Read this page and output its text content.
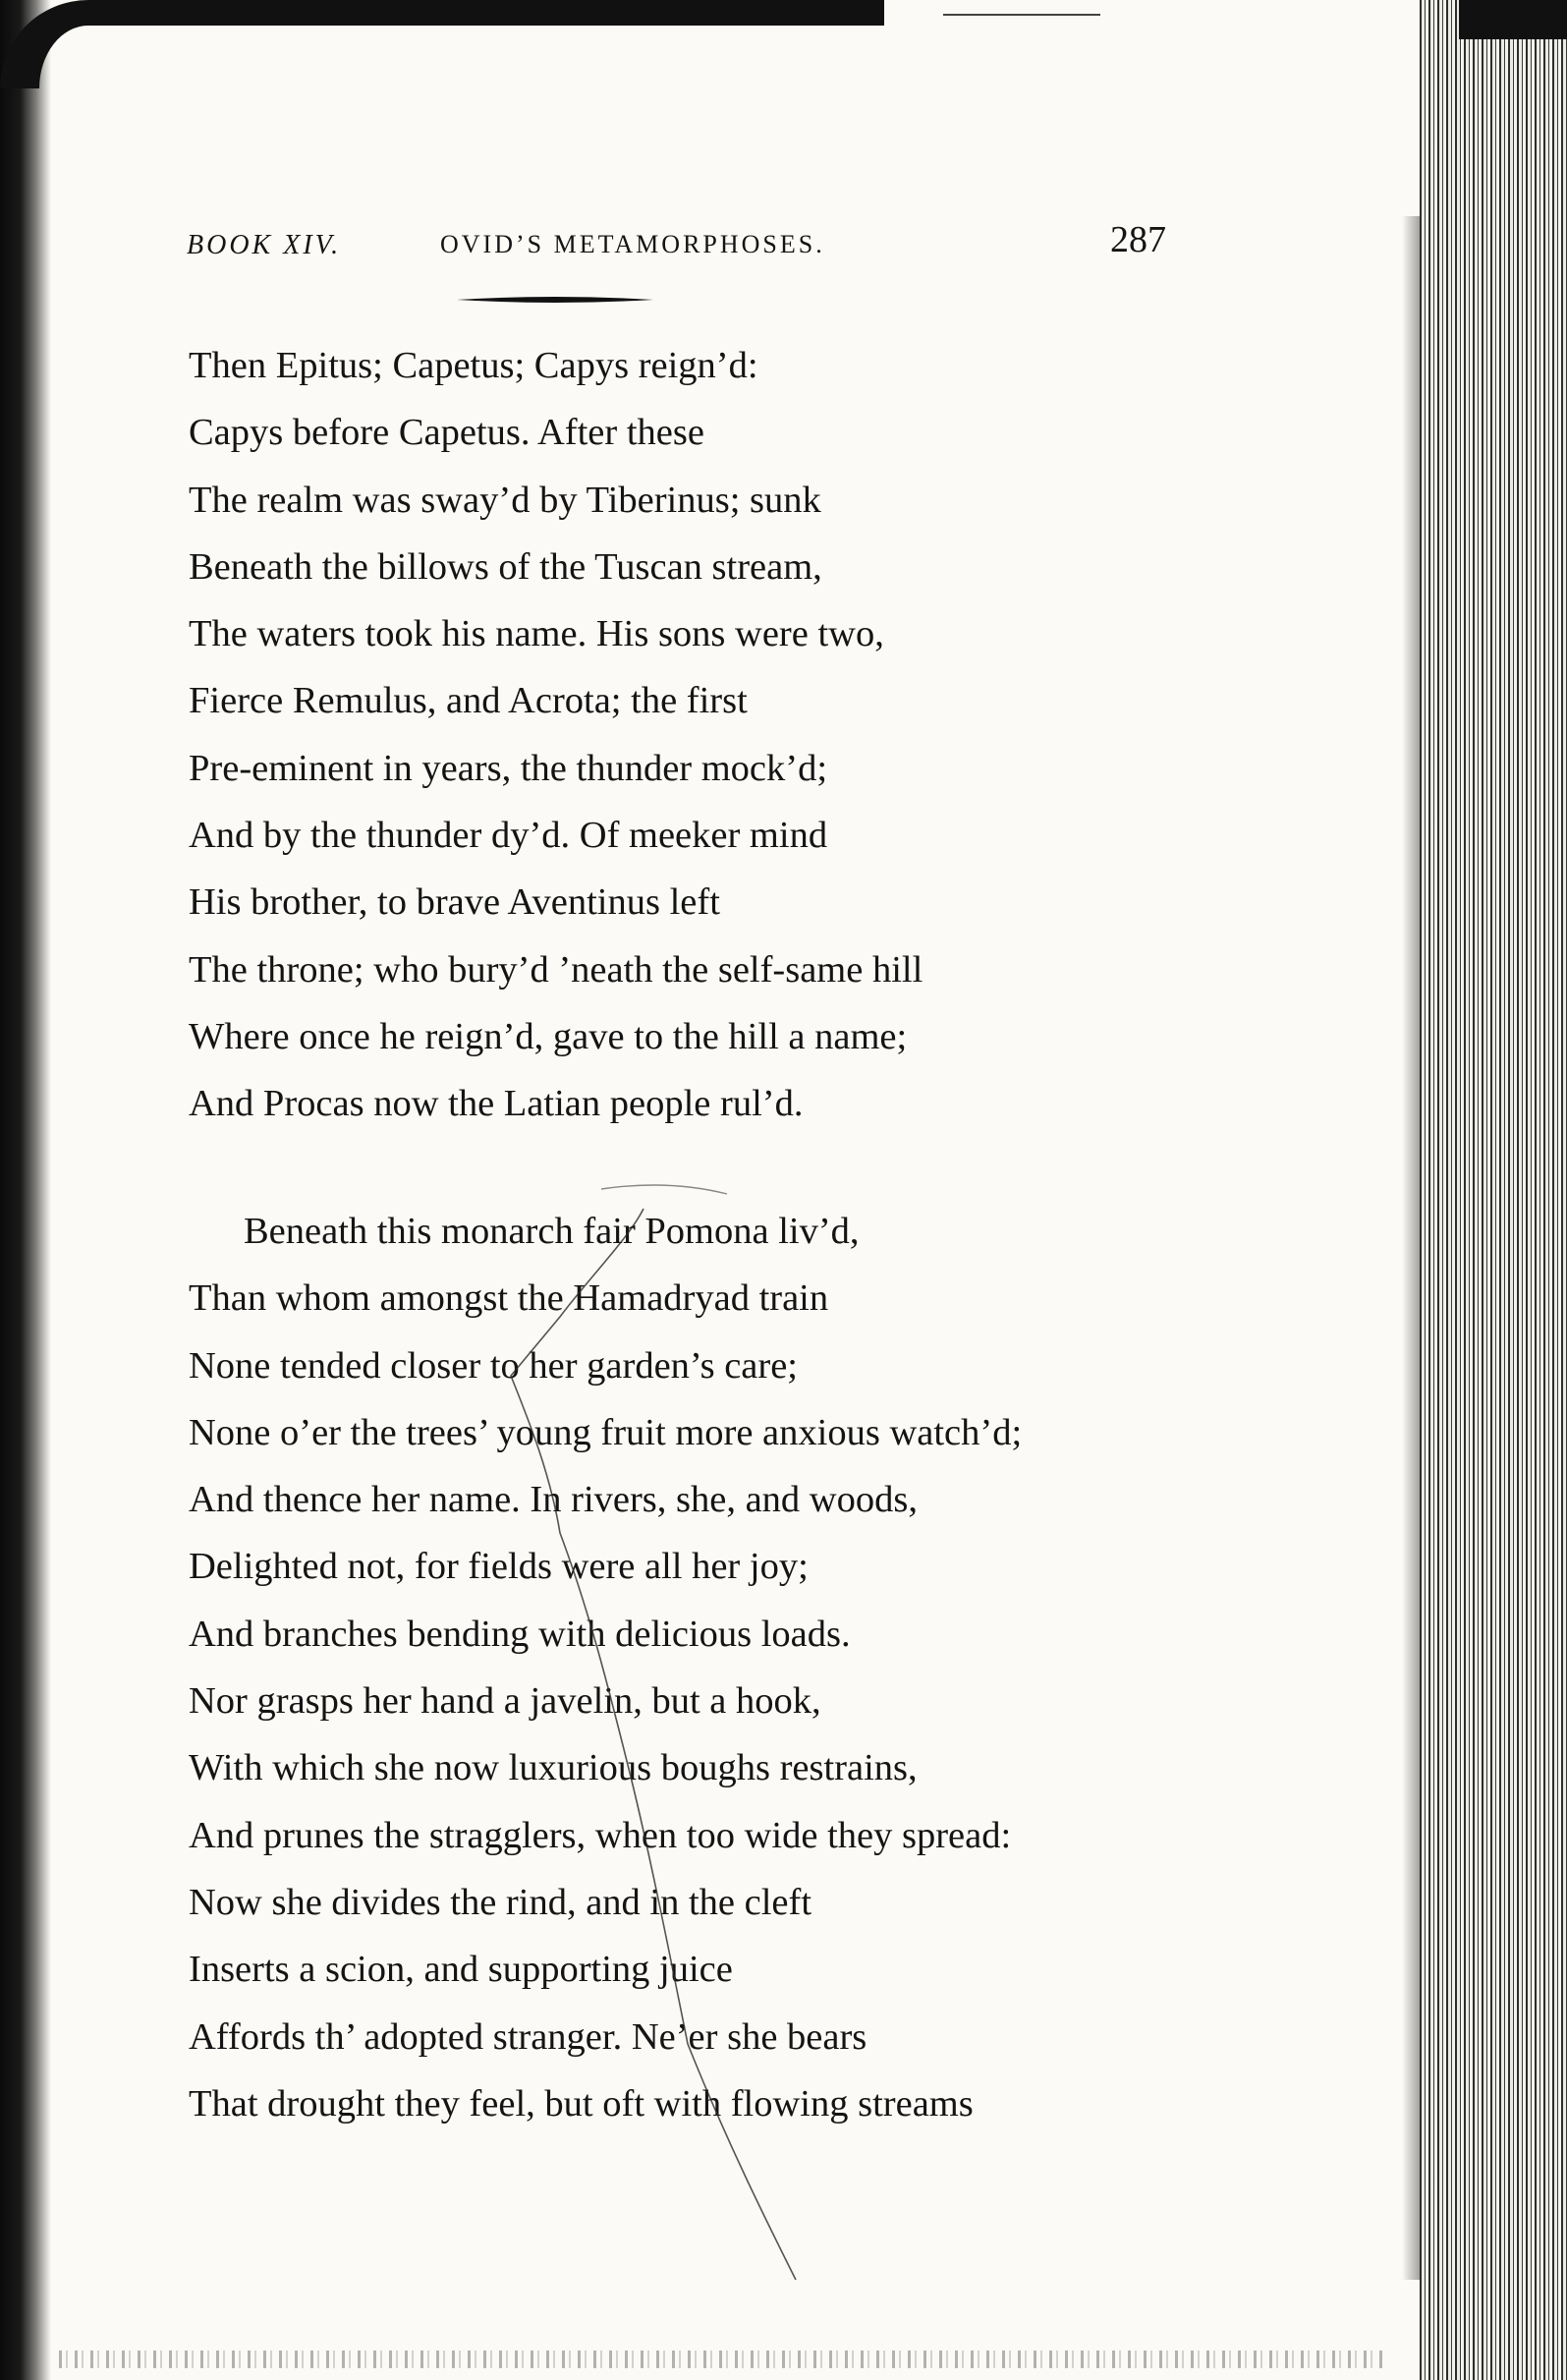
BOOK XIV.	OVID’S METAMORPHOSES.	287
Then Epitus; Capetus; Capys reign’d:
Capys before Capetus. After these
The realm was sway’d by Tiberinus; sunk
Beneath the billows of the Tuscan stream,
The waters took his name. His sons were two,
Fierce Remulus, and Acrota; the first
Pre-eminent in years, the thunder mock’d;
And by the thunder dy’d. Of meeker mind
His brother, to brave Aventinus left
The throne; who bury’d ’neath the self-same hill
Where once he reign’d, gave to the hill a name;
And Procas now the Latian people rul’d.
Beneath this monarch fair Pomona liv’d,
Than whom amongst the Hamadryad train
None tended closer to her garden’s care;
None o’er the trees’ young fruit more anxious watch’d;
And thence her name. In rivers, she, and woods,
Delighted not, for fields were all her joy;
And branches bending with delicious loads.
Nor grasps her hand a javelin, but a hook,
With which she now luxurious boughs restrains,
And prunes the stragglers, when too wide they spread:
Now she divides the rind, and in the cleft
Inserts a scion, and supporting juice
Affords th’ adopted stranger. Ne’er she bears
That drought they feel, but oft with flowing streams
